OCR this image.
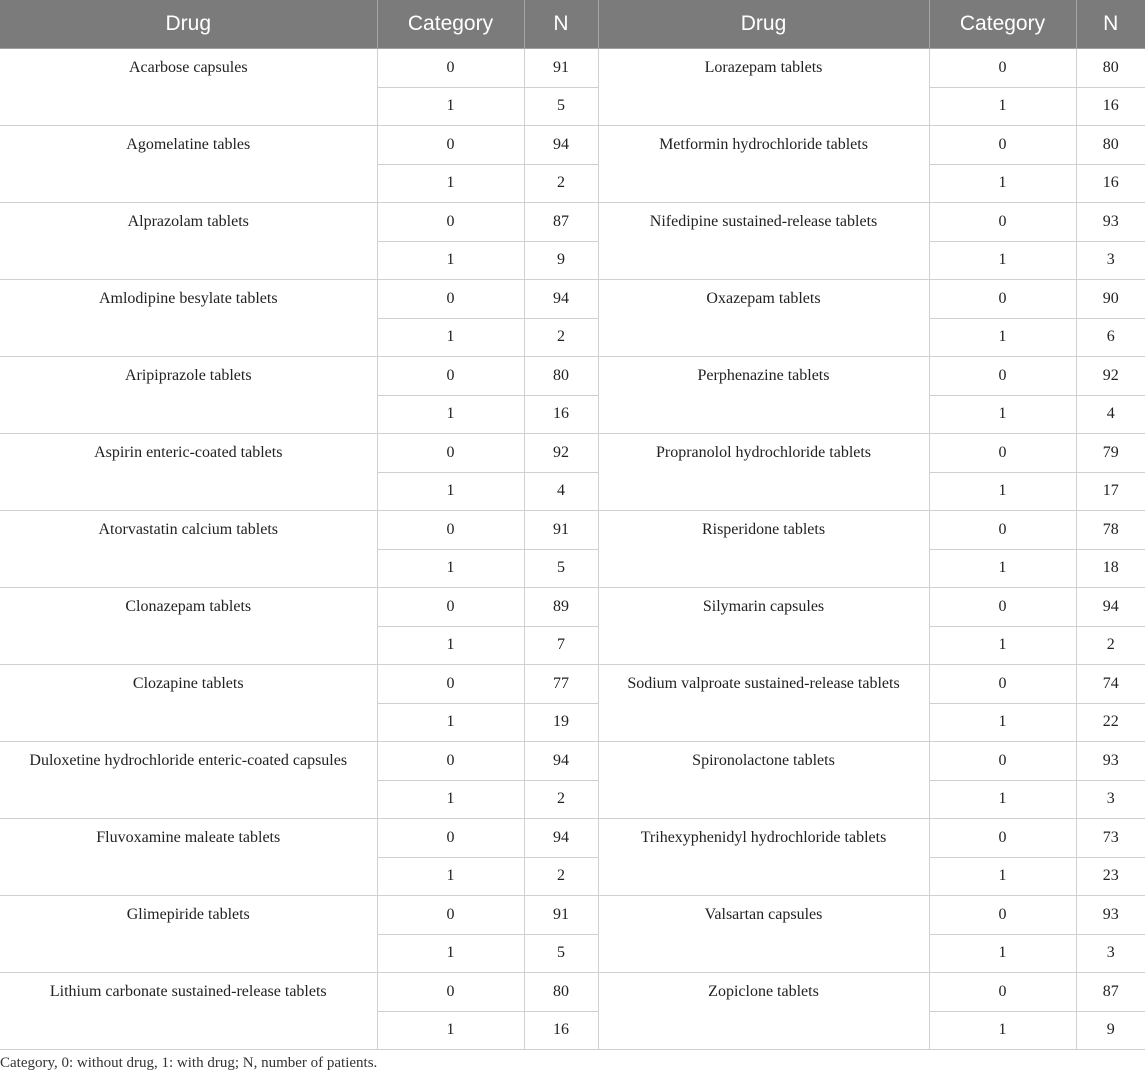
Drug	Category	N	Drug	Category	N
Acarbose capsules	0	91	Lorazepam tablets	0	80
	1	5		1	16
Agomelatine tables	0	94	Metformin hydrochloride tablets	0	80
	1	2		1	16
Alprazolam tablets	0	87	Nifedipine sustained-release tablets	0	93
	1	9		1	3
Amlodipine besylate tablets	0	94	Oxazepam tablets	0	90
	1	2		1	6
Aripiprazole tablets	0	80	Perphenazine tablets	0	92
	1	16		1	4
Aspirin enteric-coated tablets	0	92	Propranolol hydrochloride tablets	0	79
	1	4		1	17
Atorvastatin calcium tablets	0	91	Risperidone tablets	0	78
	1	5		1	18
Clonazepam tablets	0	89	Silymarin capsules	0	94
	1	7		1	2
Clozapine tablets	0	77	Sodium valproate sustained-release tablets	0	74
	1	19		1	22
Duloxetine hydrochloride enteric-coated capsules	0	94	Spironolactone tablets	0	93
	1	2		1	3
Fluvoxamine maleate tablets	0	94	Trihexyphenidyl hydrochloride tablets	0	73
	1	2		1	23
Glimepiride tablets	0	91	Valsartan capsules	0	93
	1	5		1	3
Lithium carbonate sustained-release tablets	0	80	Zopiclone tablets	0	87
	1	16		1	9
Category, 0: without drug, 1: with drug; N, number of patients.
